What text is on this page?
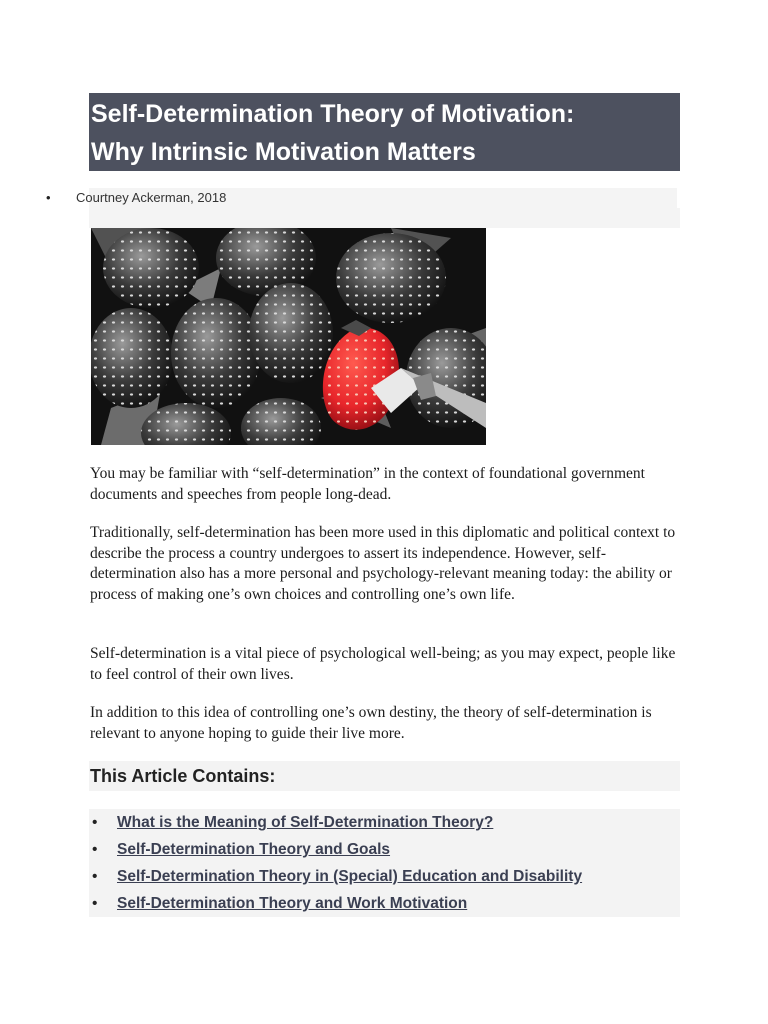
Self-Determination Theory of Motivation:
Why Intrinsic Motivation Matters
• Courtney Ackerman, 2018
You may be familiar with “self-determination” in the context of foundational government documents and speeches from people long-dead.
Traditionally, self-determination has been more used in this diplomatic and political context to describe the process a country undergoes to assert its independence. However, self-determination also has a more personal and psychology-relevant meaning today: the ability or process of making one’s own choices and controlling one’s own life.
Self-determination is a vital piece of psychological well-being; as you may expect, people like to feel control of their own lives.
In addition to this idea of controlling one’s own destiny, the theory of self-determination is relevant to anyone hoping to guide their live more.
This Article Contains:
• What is the Meaning of Self-Determination Theory?
• Self-Determination Theory and Goals
• Self-Determination Theory in (Special) Education and Disability
• Self-Determination Theory and Work Motivation
